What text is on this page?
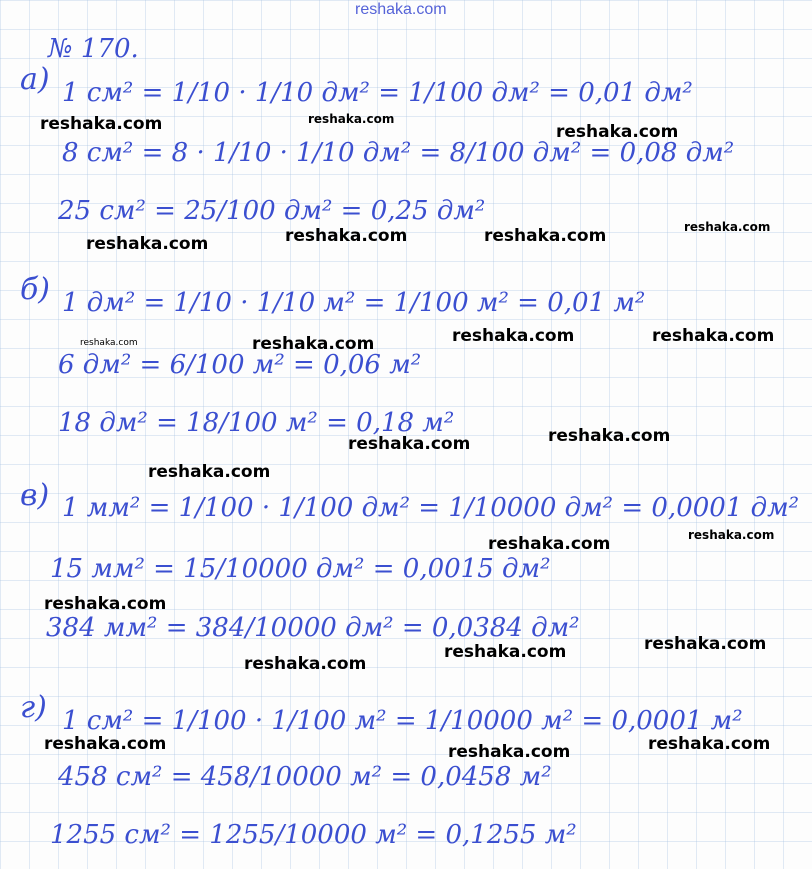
reshaka.com
№ 170.
а) 1 см² = 1/10 · 1/10 дм² = 1/100 дм² = 0,01 дм²
8 см² = 8 · 1/10 · 1/10 дм² = 8/100 дм² = 0,08 дм²
25 см² = 25/100 дм² = 0,25 дм²
б) 1 дм² = 1/10 · 1/10 м² = 1/100 м² = 0,01 м²
6 дм² = 6/100 м² = 0,06 м²
18 дм² = 18/100 м² = 0,18 м²
в) 1 мм² = 1/100 · 1/100 дм² = 1/10000 дм² = 0,0001 дм²
15 мм² = 15/10000 дм² = 0,0015 дм²
384 мм² = 384/10000 дм² = 0,0384 дм²
г) 1 см² = 1/100 · 1/100 м² = 1/10000 м² = 0,0001 м²
458 см² = 458/10000 м² = 0,0458 м²
1255 см² = 1255/10000 м² = 0,1255 м²
reshaka.com	reshaka.com
reshaka.com
reshaka.com	reshaka.com	reshaka.com	reshaka.com
reshaka.com	reshaka.com	reshaka.com	reshaka.com
reshaka.com	reshaka.com
reshaka.com
reshaka.com	reshaka.com
reshaka.com
reshaka.com
reshaka.com	reshaka.com
reshaka.com	reshaka.com	reshaka.com
